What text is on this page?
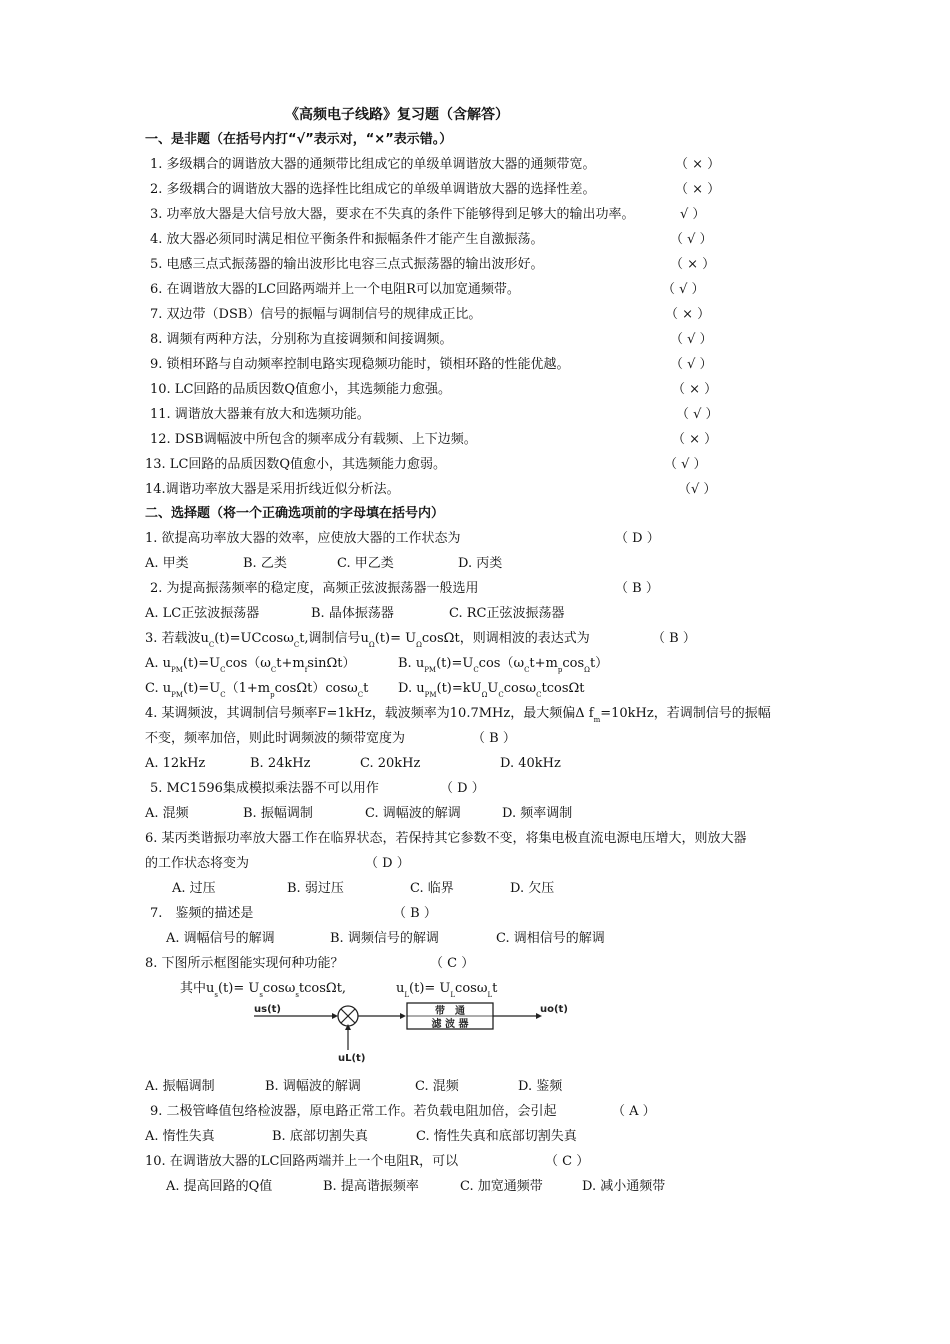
《高频电子线路》复习题（含解答）
一、是非题（在括号内打“√”表示对，“×”表示错。）
1. 多级耦合的调谐放大器的通频带比组成它的单级单调谐放大器的通频带宽。	（ × ）
2. 多级耦合的调谐放大器的选择性比组成它的单级单调谐放大器的选择性差。	（ × ）
3. 功率放大器是大信号放大器，要求在不失真的条件下能够得到足够大的输出功率。	√ ）
4. 放大器必须同时满足相位平衡条件和振幅条件才能产生自激振荡。	（ √ ）
5. 电感三点式振荡器的输出波形比电容三点式振荡器的输出波形好。	（ × ）
6. 在调谐放大器的LC回路两端并上一个电阻R可以加宽通频带。	（ √ ）
7. 双边带（DSB）信号的振幅与调制信号的规律成正比。	（ × ）
8. 调频有两种方法，分别称为直接调频和间接调频。	（ √ ）
9. 锁相环路与自动频率控制电路实现稳频功能时，锁相环路的性能优越。	（ √ ）
10. LC回路的品质因数Q值愈小，其选频能力愈强。	（ × ）
11. 调谐放大器兼有放大和选频功能。	（ √ ）
12. DSB调幅波中所包含的频率成分有载频、上下边频。	（ × ）
13. LC回路的品质因数Q值愈小，其选频能力愈弱。	（ √ ）
14.调谐功率放大器是采用折线近似分析法。	（√ ）
二、选择题（将一个正确选项前的字母填在括号内）
1. 欲提高功率放大器的效率，应使放大器的工作状态为	（ D ）
A. 甲类	B. 乙类	C. 甲乙类	D. 丙类
2. 为提高振荡频率的稳定度，高频正弦波振荡器一般选用	（ B ）
A. LC正弦波振荡器	B. 晶体振荡器	C. RC正弦波振荡器
3. 若载波$u_C(t)=UCcos\omega_Ct$,调制信号$u_\Omega(t)= U_\Omega\cos\Omega t$，则调相波的表达式为	（ B ）
A. $u_{PM}(t)=U_C\cos(\omega_Ct+m_f\sin\Omega t)$	B. $u_{PM}(t)=U_C\cos(\omega_Ct+m_p\cos_\Omega t)$
C. $u_{PM}(t)=U_C(1+m_p\cos\Omega t)\cos\omega_Ct$ D. $u_{PM}(t)=kU_\Omega U_C\cos\omega_Ctcos\Omega t$
4. 某调频波，其调制信号频率F=1kHz，载波频率为10.7MHz，最大频偏Δ $f_m=10kHz$，若调制信号的振幅
不变，频率加倍，则此时调频波的频带宽度为	（ B ）
A. 12kHz	B. 24kHz	C. 20kHz	D. 40kHz
5. MC1596集成模拟乘法器不可以用作	（ D ）
A. 混频	B. 振幅调制	C. 调幅波的解调	D. 频率调制
6. 某丙类谐振功率放大器工作在临界状态，若保持其它参数不变，将集电极直流电源电压增大，则放大器
的工作状态将变为	（ D ）
A. 过压	B. 弱过压	C. 临界	D. 欠压
7.　鉴频的描述是	（ B ）
A. 调幅信号的解调	B. 调频信号的解调	C. 调相信号的解调
8. 下图所示框图能实现何种功能？	（ C ）
其中$u_s(t)= U_s\cos\omega_stcos\Omega t$,	$u_L(t)= U_L\cos\omega_Lt$
us(t)
uL(t)
带　通
滤 波 器
uo(t)
A. 振幅调制	B. 调幅波的解调	C. 混频	D. 鉴频
9. 二极管峰值包络检波器，原电路正常工作。若负载电阻加倍，会引起	（ A ）
A. 惰性失真	B. 底部切割失真	C. 惰性失真和底部切割失真
10. 在调谐放大器的LC回路两端并上一个电阻R，可以	（ C ）
A. 提高回路的Q值	B. 提高谐振频率	C. 加宽通频带	D. 减小通频带
